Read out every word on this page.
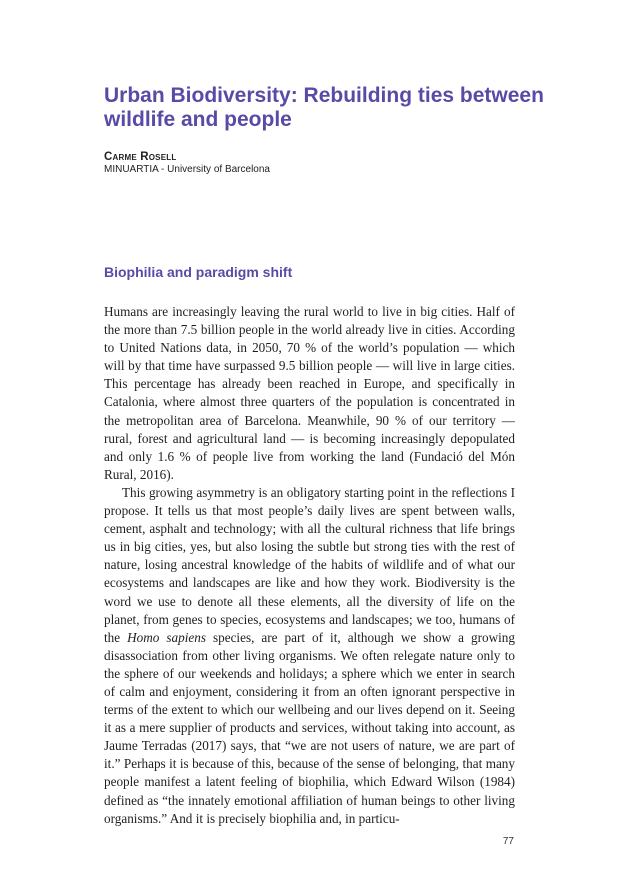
Urban Biodiversity: Rebuilding ties between wildlife and people
Carme Rosell
MINUARTIA - University of Barcelona
Biophilia and paradigm shift

Humans are increasingly leaving the rural world to live in big cities. Half of the more than 7.5 billion people in the world already live in cities. According to United Nations data, in 2050, 70 % of the world’s population — which will by that time have surpassed 9.5 billion people — will live in large cities. This percentage has already been reached in Europe, and specifically in Catalonia, where almost three quarters of the population is concentrated in the metropolitan area of Barcelona. Meanwhile, 90 % of our territory — rural, forest and agricultural land — is becoming increasingly depopulated and only 1.6 % of people live from working the land (Fundació del Món Rural, 2016).

This growing asymmetry is an obligatory starting point in the reflections I propose. It tells us that most people’s daily lives are spent between walls, cement, asphalt and technology; with all the cultural richness that life brings us in big cities, yes, but also losing the subtle but strong ties with the rest of nature, losing ancestral knowledge of the habits of wildlife and of what our ecosystems and landscapes are like and how they work. Biodiversity is the word we use to denote all these elements, all the diversity of life on the planet, from genes to species, ecosystems and landscapes; we too, humans of the Homo sapiens species, are part of it, although we show a growing disassociation from other living organisms. We often relegate nature only to the sphere of our weekends and holidays; a sphere which we enter in search of calm and enjoyment, considering it from an often ignorant perspective in terms of the extent to which our wellbeing and our lives depend on it. Seeing it as a mere supplier of products and services, without taking into account, as Jaume Terradas (2017) says, that “we are not users of nature, we are part of it.” Perhaps it is because of this, because of the sense of belonging, that many people manifest a latent feeling of biophilia, which Edward Wilson (1984) defined as “the innately emotional affiliation of human beings to other living organisms.” And it is precisely biophilia and, in particu-

77
